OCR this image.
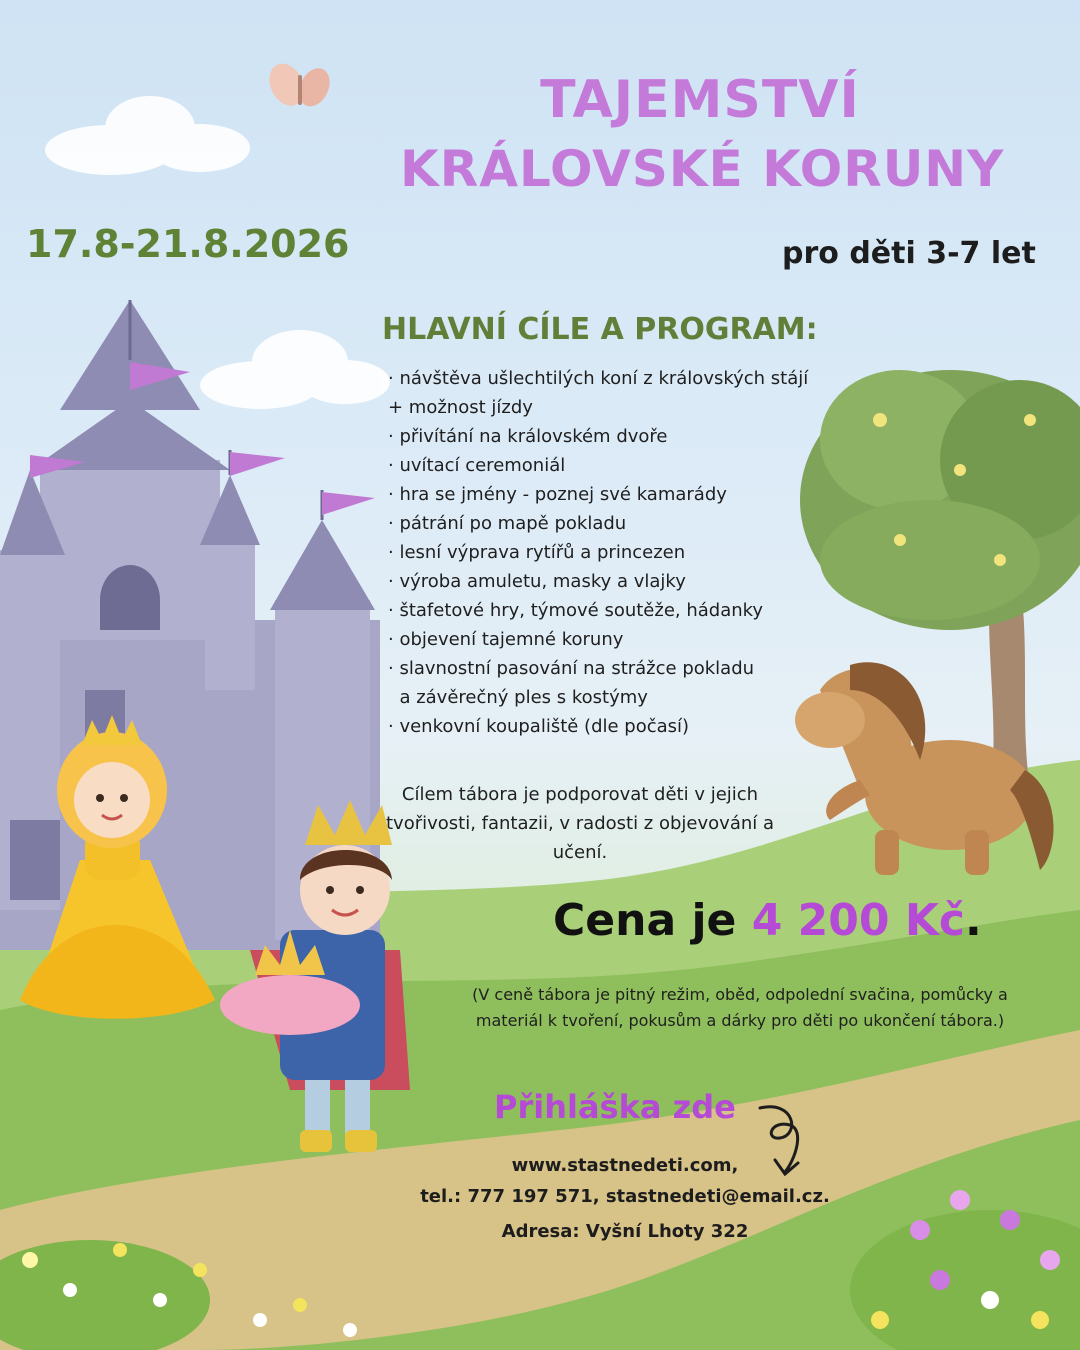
TAJEMSTVÍ
KRÁLOVSKÉ KORUNY
17.8-21.8.2026	pro děti 3-7 let
HLAVNÍ CÍLE A PROGRAM:
· návštěva ušlechtilých koní z královských stájí
+ možnost jízdy
· přivítání na královském dvoře
· uvítací ceremoniál
· hra se jmény - poznej své kamarády
· pátrání po mapě pokladu
· lesní výprava rytířů a princezen
· výroba amuletu, masky a vlajky
· štafetové hry, týmové soutěže, hádanky
· objevení tajemné koruny
· slavnostní pasování na strážce pokladu
a závěrečný ples s kostýmy
· venkovní koupaliště (dle počasí)

Cílem tábora je podporovat děti v jejich tvořivosti, fantazii, v radosti z objevování a učení.

Cena je 4 200 Kč.

(V ceně tábora je pitný režim, oběd, odpolední svačina, pomůcky a materiál k tvoření, pokusům a dárky pro děti po ukončení tábora.)

Přihláška zde
www.stastnedeti.com,
tel.: 777 197 571, stastnedeti@email.cz.
Adresa: Vyšní Lhoty 322
